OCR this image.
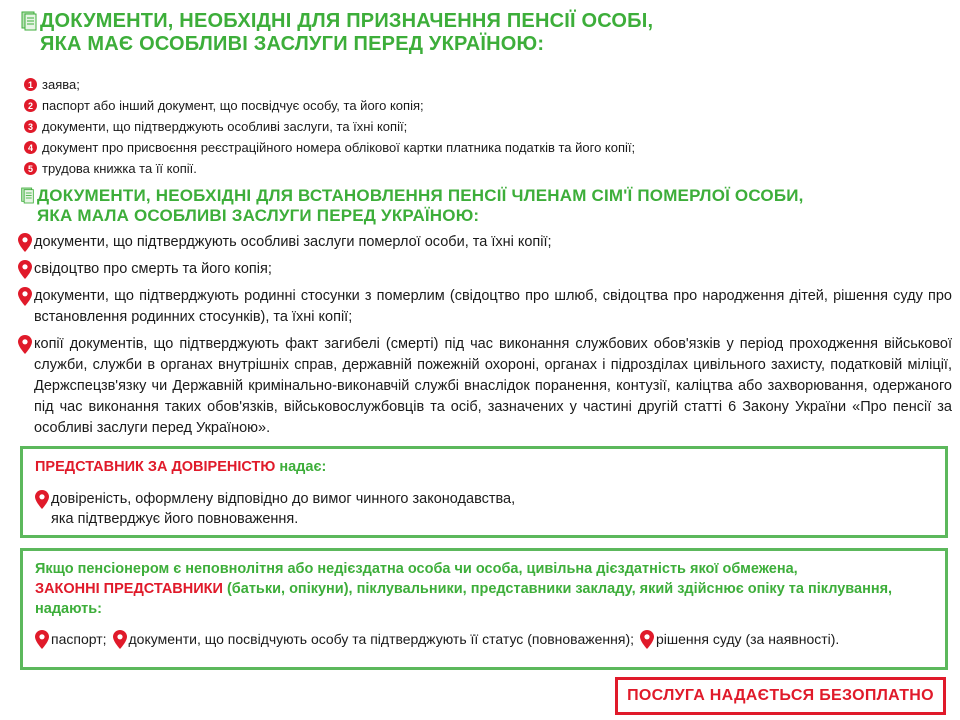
ДОКУМЕНТИ, НЕОБХІДНІ ДЛЯ ПРИЗНАЧЕННЯ ПЕНСІЇ ОСОБІ,
ЯКА МАЄ ОСОБЛИВІ ЗАСЛУГИ ПЕРЕД УКРАЇНОЮ:
1 заява;
2 паспорт або інший документ, що посвідчує особу, та його копія;
3 документи, що підтверджують особливі заслуги, та їхні копії;
4 документ про присвоєння реєстраційного номера облікової картки платника податків та його копії;
5 трудова книжка та її копії.
ДОКУМЕНТИ, НЕОБХІДНІ ДЛЯ ВСТАНОВЛЕННЯ ПЕНСІЇ ЧЛЕНАМ СІМ'Ї ПОМЕРЛОЇ ОСОБИ,
ЯКА МАЛА ОСОБЛИВІ ЗАСЛУГИ ПЕРЕД УКРАЇНОЮ:
документи, що підтверджують особливі заслуги померлої особи, та їхні копії;
свідоцтво про смерть та його копія;
документи, що підтверджують родинні стосунки з померлим (свідоцтво про шлюб, свідоцтва про народження дітей, рішення суду про встановлення родинних стосунків), та їхні копії;
копії документів, що підтверджують факт загибелі (смерті) під час виконання службових обов'язків у період проходження військової служби, служби в органах внутрішніх справ, державній пожежній охороні, органах і підрозділах цивільного захисту, податковій міліції, Держспецзв'язку чи Державній кримінально-виконавчій службі внаслідок поранення, контузії, каліцтва або захворювання, одержаного під час виконання таких обов'язків, військовослужбовців та осіб, зазначених у частині другій статті 6 Закону України «Про пенсії за особливі заслуги перед Україною».
ПРЕДСТАВНИК ЗА ДОВІРЕНІСТЮ надає:
довіреність, оформлену відповідно до вимог чинного законодавства,
яка підтверджує його повноваження.
Якщо пенсіонером є неповнолітня або недієздатна особа чи особа, цивільна дієздатність якої обмежена,
ЗАКОННІ ПРЕДСТАВНИКИ (батьки, опікуни), піклувальники, представники закладу, який здійснює опіку та піклування, надають:
паспорт; документи, що посвідчують особу та підтверджують її статус (повноваження); рішення суду (за наявності).
ПОСЛУГА НАДАЄТЬСЯ БЕЗОПЛАТНО
